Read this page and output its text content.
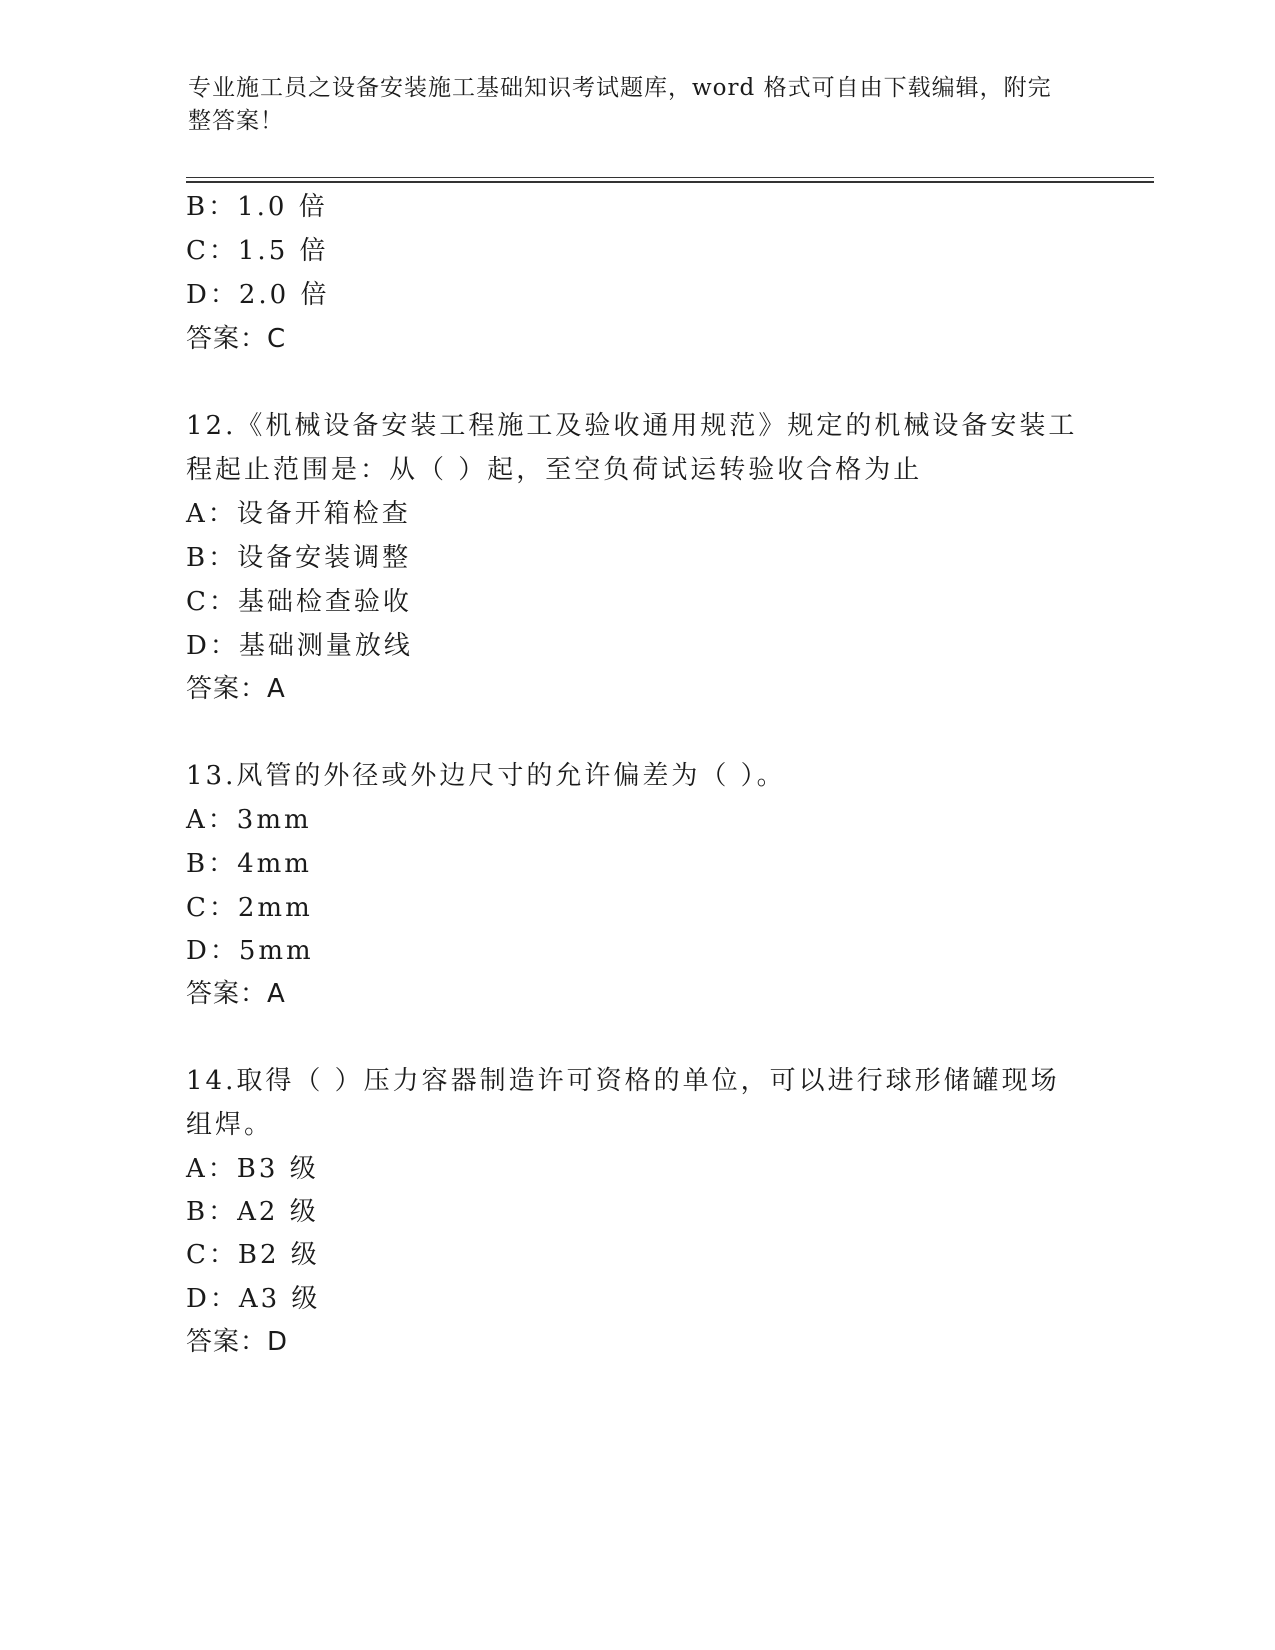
专业施工员之设备安装施工基础知识考试题库，word 格式可自由下载编辑，附完
整答案！
B：1.0 倍
C：1.5 倍
D：2.0 倍
答案：C
12.《机械设备安装工程施工及验收通用规范》规定的机械设备安装工
程起止范围是：从（ ）起，至空负荷试运转验收合格为止
A：设备开箱检查
B：设备安装调整
C：基础检查验收
D：基础测量放线
答案：A
13.风管的外径或外边尺寸的允许偏差为（ ）。
A：3mm
B：4mm
C：2mm
D：5mm
答案：A
14.取得（ ）压力容器制造许可资格的单位，可以进行球形储罐现场
组焊。
A：B3 级
B：A2 级
C：B2 级
D：A3 级
答案：D
